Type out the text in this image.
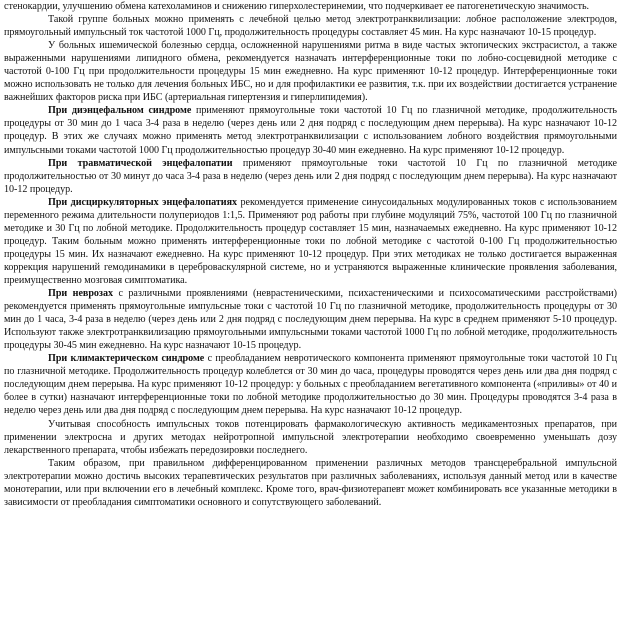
стенокардии, улучшению обмена катехоламинов и снижению гиперхолестеринемии, что подчеркивает ее патогенетическую значимость.

Такой группе больных можно применять с лечебной целью метод электротранквилизации: лобное расположение электродов, прямоугольный импульсный ток частотой 1000 Гц, продолжительность процедуры составляет 45 мин. На курс назначают 10-15 процедур.

У больных ишемической болезнью сердца, осложненной нарушениями ритма в виде частых эктопических экстрасистол, а также выраженными нарушениями липидного обмена, рекомендуется назначать интерференционные токи по лобно-сосцевидной методике с частотой 0-100 Гц при продолжительности процедуры 15 мин ежедневно. На курс применяют 10-12 процедур. Интерференционные токи можно использовать не только для лечения больных ИБС, но и для профилактики ее развития, т.к. при их воздействии достигается устранение важнейших факторов риска при ИБС (артериальная гипертензия и гиперлипидемия).

При диэнцефальном синдроме применяют прямоугольные токи частотой 10 Гц по глазничной методике, продолжительность процедуры от 30 мин до 1 часа 3-4 раза в неделю (через день или 2 дня подряд с последующим днем перерыва). На курс назначают 10-12 процедур. В этих же случаях можно применять метод электротранквилизации с использованием лобного воздействия прямоугольными импульсными токами частотой 1000 Гц продолжительностью процедур 30-40 мин ежедневно. На курс применяют 10-12 процедур.

При травматической энцефалопатии применяют прямоугольные токи частотой 10 Гц по глазничной методике продолжительностью от 30 минут до часа 3-4 раза в неделю (через день или 2 дня подряд с последующим днем перерыва). На курс назначают 10-12 процедур.

При дисциркуляторных энцефалопатиях рекомендуется применение синусоидальных модулированных токов с использованием переменного режима длительности полупериодов 1:1,5. Применяют род работы при глубине модуляций 75%, частотой 100 Гц по глазничной методике и 30 Гц по лобной методике. Продолжительность процедур составляет 15 мин, назначаемых ежедневно. На курс применяют 10-12 процедур. Таким больным можно применять интерференционные токи по лобной методике с частотой 0-100 Гц продолжительностью процедуры 15 мин. Их назначают ежедневно. На курс применяют 10-12 процедур. При этих методиках не только достигается выраженная коррекция нарушений гемодинамики в церебровaскулярной системе, но и устраняются выраженные клинические проявления заболевания, преимущественно мозговая симптоматика.

При неврозах с различными проявлениями (неврастеническими, психастеническими и психосоматическими расстройствами) рекомендуется применять прямоугольные импульсные токи с частотой 10 Гц по глазничной методике, продолжительность процедуры от 30 мин до 1 часа, 3-4 раза в неделю (через день или 2 дня подряд с последующим днем перерыва. На курс в среднем применяют 5-10 процедур. Используют также электротранквилизацию прямоугольными импульсными токами частотой 1000 Гц по лобной методике, продолжительность процедуры 30-45 мин ежедневно. На курс назначают 10-15 процедур.

При климактерическом синдроме с преобладанием невротического компонента применяют прямоугольные токи частотой 10 Гц по глазничной методике. Продолжительность процедур колеблется от 30 мин до часа, процедуры проводятся через день или два дня подряд с последующим днем перерыва. На курс применяют 10-12 процедур: у больных с преобладанием вегетативного компонента («приливы» от 40 и более в сутки) назначают интерференционные токи по лобной методике продолжительностью до 30 мин. Процедуры проводятся 3-4 раза в неделю через день или два дня подряд с последующим днем перерыва. На курс назначают 10-12 процедур.

Учитывая способность импульсных токов потенцировать фармакологическую активность медикаментозных препаратов, при применении электросна и других методах нейротропной импульсной электротерапии необходимо своевременно уменьшать дозу лекарственного препарата, чтобы избежать передозировки последнего.

Таким образом, при правильном дифференцированном применении различных методов трансцеребральной импульсной электротерапии можно достичь высоких терапевтических результатов при различных заболеваниях, используя данный метод или в качестве монотерапии, или при включении его в лечебный комплекс. Кроме того, врач-физиотерапевт может комбинировать все указанные методики в зависимости от преобладания симптоматики основного и сопутствующего заболеваний.
